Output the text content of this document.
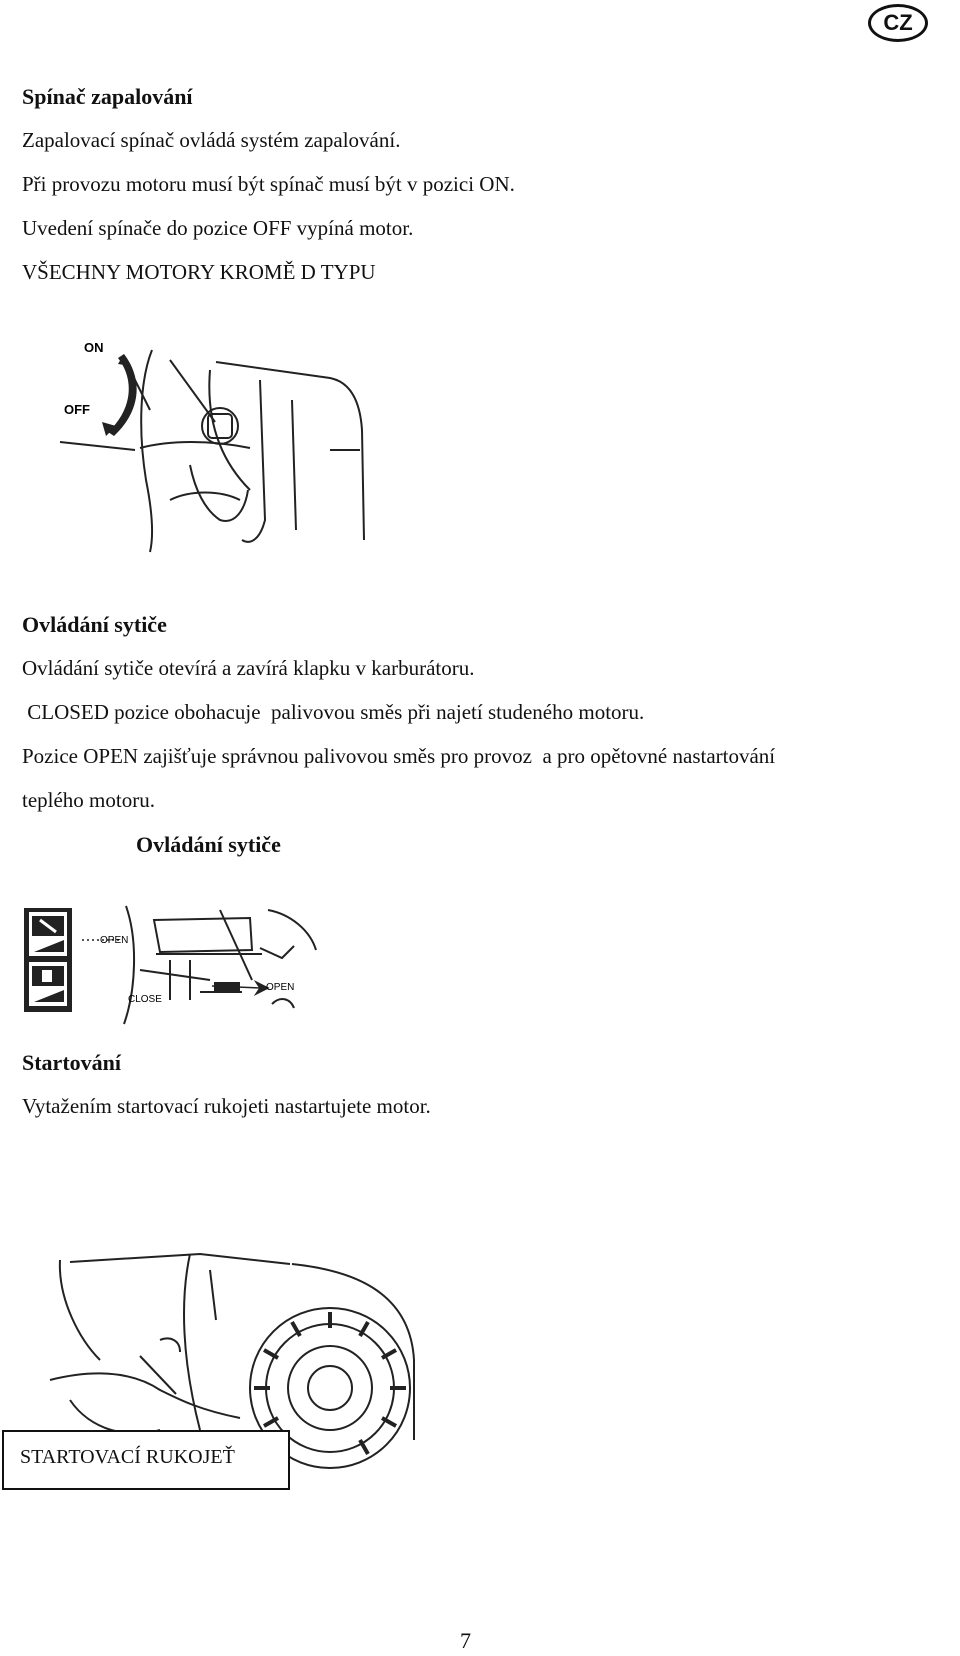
CZ
Spínač zapalování
Zapalovací spínač ovládá systém zapalování.
Při provozu motoru musí být spínač musí být v pozici ON.
Uvedení spínače do pozice OFF vypíná motor.
VŠECHNY MOTORY KROMĚ D TYPU
ON
OFF
Ovládání sytiče
Ovládání sytiče otevírá a zavírá klapku v karburátoru.
CLOSED pozice obohacuje  palivovou směs při najetí studeného motoru.
Pozice OPEN zajišťuje správnou palivovou směs pro provoz  a pro opětovné nastartování
teplého motoru.
Ovládání sytiče
OPEN
CLOSE
OPEN
Startování
Vytažením startovací rukojeti nastartujete motor.
STARTOVACÍ RUKOJEŤ
7
